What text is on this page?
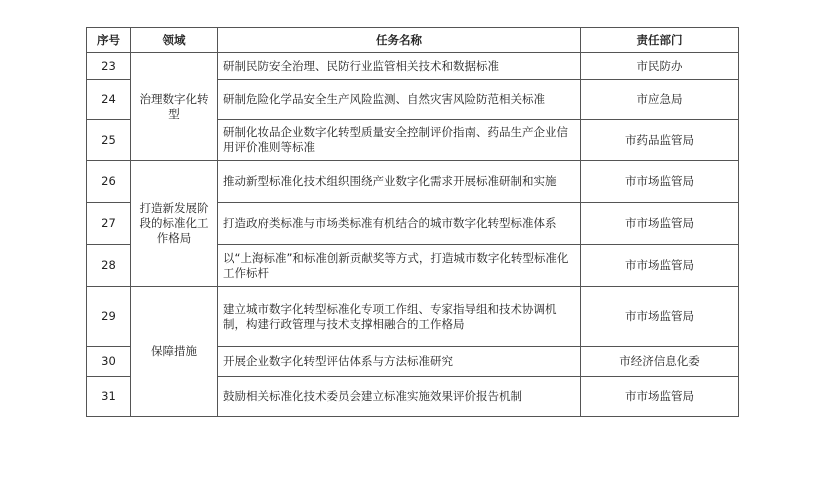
序号	领域	任务名称	责任部门
23	治理数字化转型	研制民防安全治理、民防行业监管相关技术和数据标准	市民防办
24		研制危险化学品安全生产风险监测、自然灾害风险防范相关标准	市应急局
25		研制化妆品企业数字化转型质量安全控制评价指南、药品生产企业信用评价准则等标准	市药品监管局
26	打造新发展阶段的标准化工作格局	推动新型标准化技术组织围绕产业数字化需求开展标准研制和实施	市市场监管局
27		打造政府类标准与市场类标准有机结合的城市数字化转型标准体系	市市场监管局
28		以“上海标准”和标准创新贡献奖等方式，打造城市数字化转型标准化工作标杆	市市场监管局
29	保障措施	建立城市数字化转型标准化专项工作组、专家指导组和技术协调机制，构建行政管理与技术支撑相融合的工作格局	市市场监管局
30		开展企业数字化转型评估体系与方法标准研究	市经济信息化委
31		鼓励相关标准化技术委员会建立标准实施效果评价报告机制	市市场监管局
